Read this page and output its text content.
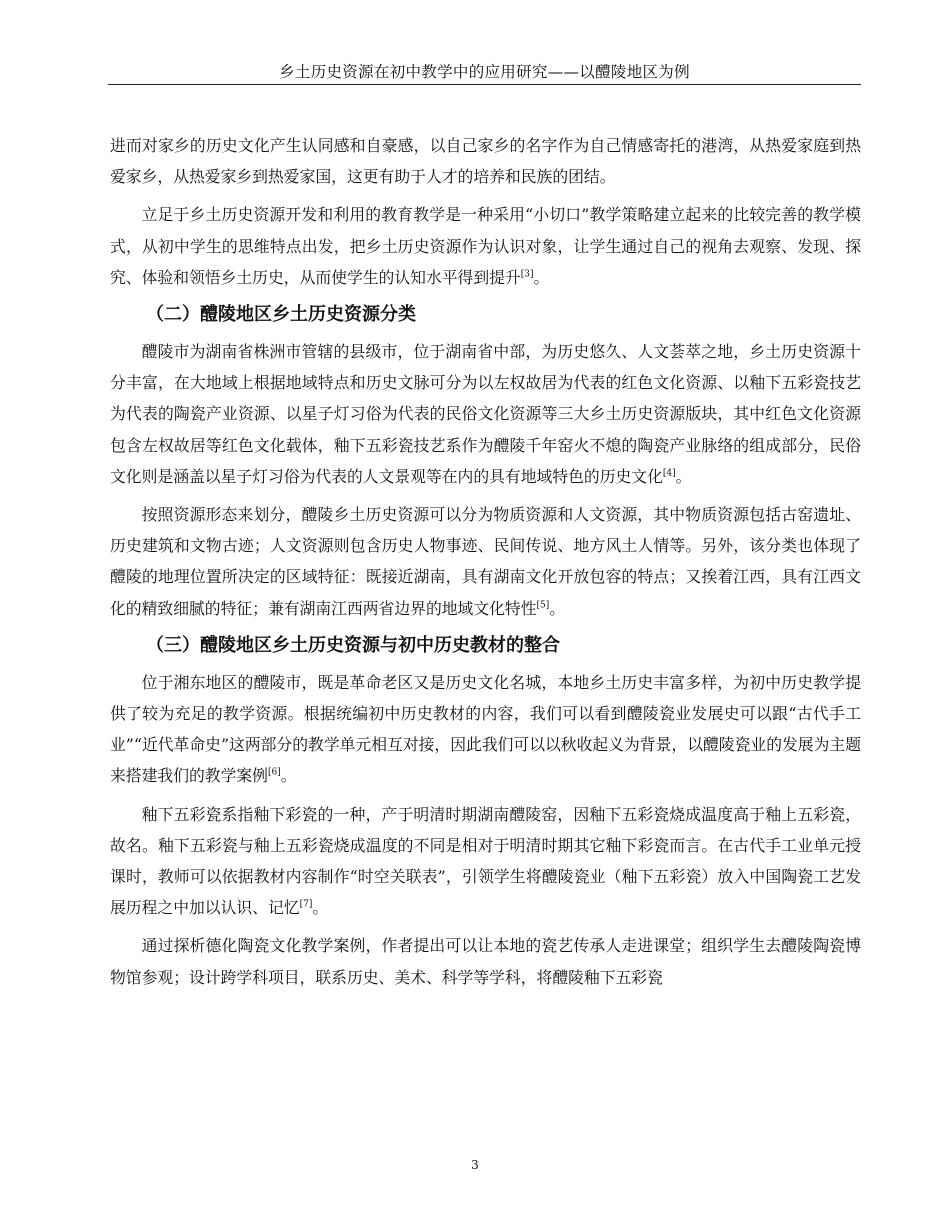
乡土历史资源在初中教学中的应用研究——以醴陵地区为例

进而对家乡的历史文化产生认同感和自豪感，以自己家乡的名字作为自己情感寄托的港湾，从热爱家庭到热爱家乡，从热爱家乡到热爱家国，这更有助于人才的培养和民族的团结。

立足于乡土历史资源开发和利用的教育教学是一种采用“小切口”教学策略建立起来的比较完善的教学模式，从初中学生的思维特点出发，把乡土历史资源作为认识对象，让学生通过自己的视角去观察、发现、探究、体验和领悟乡土历史，从而使学生的认知水平得到提升[3]。

（二）醴陵地区乡土历史资源分类

醴陵市为湖南省株洲市管辖的县级市，位于湖南省中部，为历史悠久、人文荟萃之地，乡土历史资源十分丰富，在大地域上根据地域特点和历史文脉可分为以左权故居为代表的红色文化资源、以釉下五彩瓷技艺为代表的陶瓷产业资源、以星子灯习俗为代表的民俗文化资源等三大乡土历史资源版块，其中红色文化资源包含左权故居等红色文化载体，釉下五彩瓷技艺系作为醴陵千年窑火不熄的陶瓷产业脉络的组成部分，民俗文化则是涵盖以星子灯习俗为代表的人文景观等在内的具有地域特色的历史文化[4]。

按照资源形态来划分，醴陵乡土历史资源可以分为物质资源和人文资源，其中物质资源包括古窑遗址、历史建筑和文物古迹；人文资源则包含历史人物事迹、民间传说、地方风土人情等。另外，该分类也体现了醴陵的地理位置所决定的区域特征：既接近湖南，具有湖南文化开放包容的特点；又挨着江西，具有江西文化的精致细腻的特征；兼有湖南江西两省边界的地域文化特性[5]。

（三）醴陵地区乡土历史资源与初中历史教材的整合

位于湘东地区的醴陵市，既是革命老区又是历史文化名城，本地乡土历史丰富多样，为初中历史教学提供了较为充足的教学资源。根据统编初中历史教材的内容，我们可以看到醴陵瓷业发展史可以跟“古代手工业”“近代革命史”这两部分的教学单元相互对接，因此我们可以以秋收起义为背景，以醴陵瓷业的发展为主题来搭建我们的教学案例[6]。

釉下五彩瓷系指釉下彩瓷的一种，产于明清时期湖南醴陵窑，因釉下五彩瓷烧成温度高于釉上五彩瓷，故名。釉下五彩瓷与釉上五彩瓷烧成温度的不同是相对于明清时期其它釉下彩瓷而言。在古代手工业单元授课时，教师可以依据教材内容制作“时空关联表”，引领学生将醴陵瓷业（釉下五彩瓷）放入中国陶瓷工艺发展历程之中加以认识、记忆[7]。

通过探析德化陶瓷文化教学案例，作者提出可以让本地的瓷艺传承人走进课堂；组织学生去醴陵陶瓷博物馆参观；设计跨学科项目，联系历史、美术、科学等学科，将醴陵釉下五彩瓷

3
